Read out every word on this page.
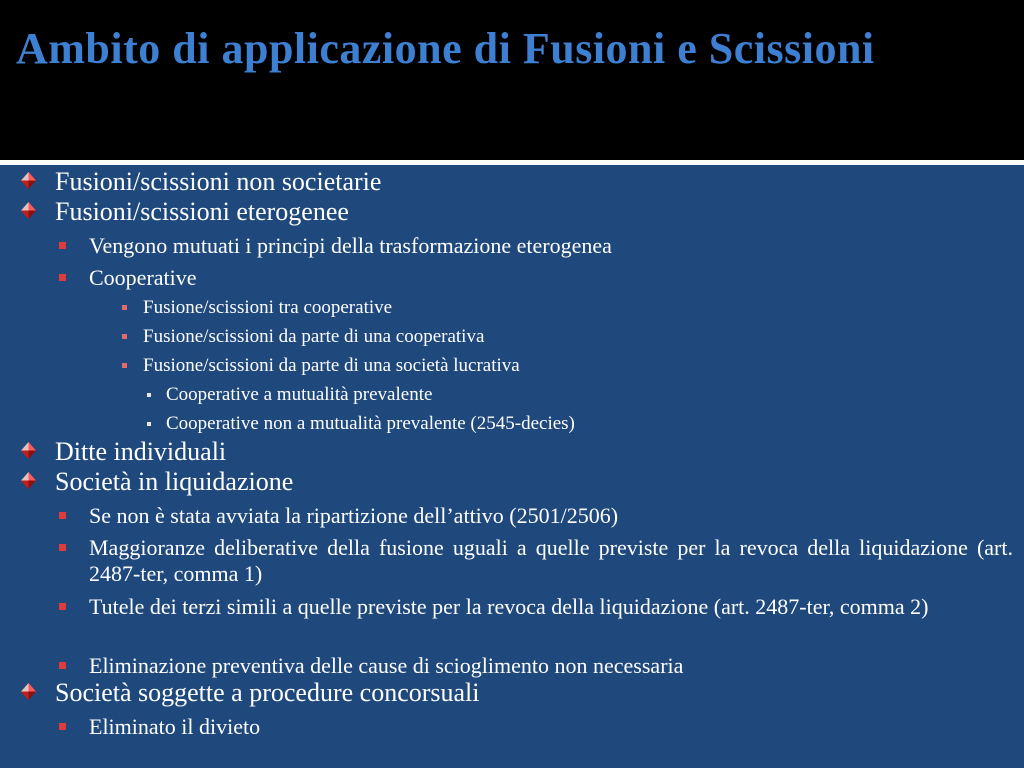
Ambito di applicazione di Fusioni e Scissioni
Fusioni/scissioni non societarie
Fusioni/scissioni eterogenee
Vengono mutuati i principi della trasformazione eterogenea
Cooperative
Fusione/scissioni tra cooperative
Fusione/scissioni da parte di una cooperativa
Fusione/scissioni da parte di una società lucrativa
Cooperative a mutualità prevalente
Cooperative non a mutualità prevalente (2545-decies)
Ditte individuali
Società in liquidazione
Se non è stata avviata la ripartizione dell’attivo (2501/2506)
Maggioranze deliberative della fusione uguali a quelle previste per la revoca della liquidazione (art. 2487-ter, comma 1)
Tutele dei terzi simili a quelle previste per la revoca della liquidazione (art. 2487-ter, comma 2)
Eliminazione preventiva delle cause di scioglimento non necessaria
Società soggette a procedure concorsuali
Eliminato il divieto
